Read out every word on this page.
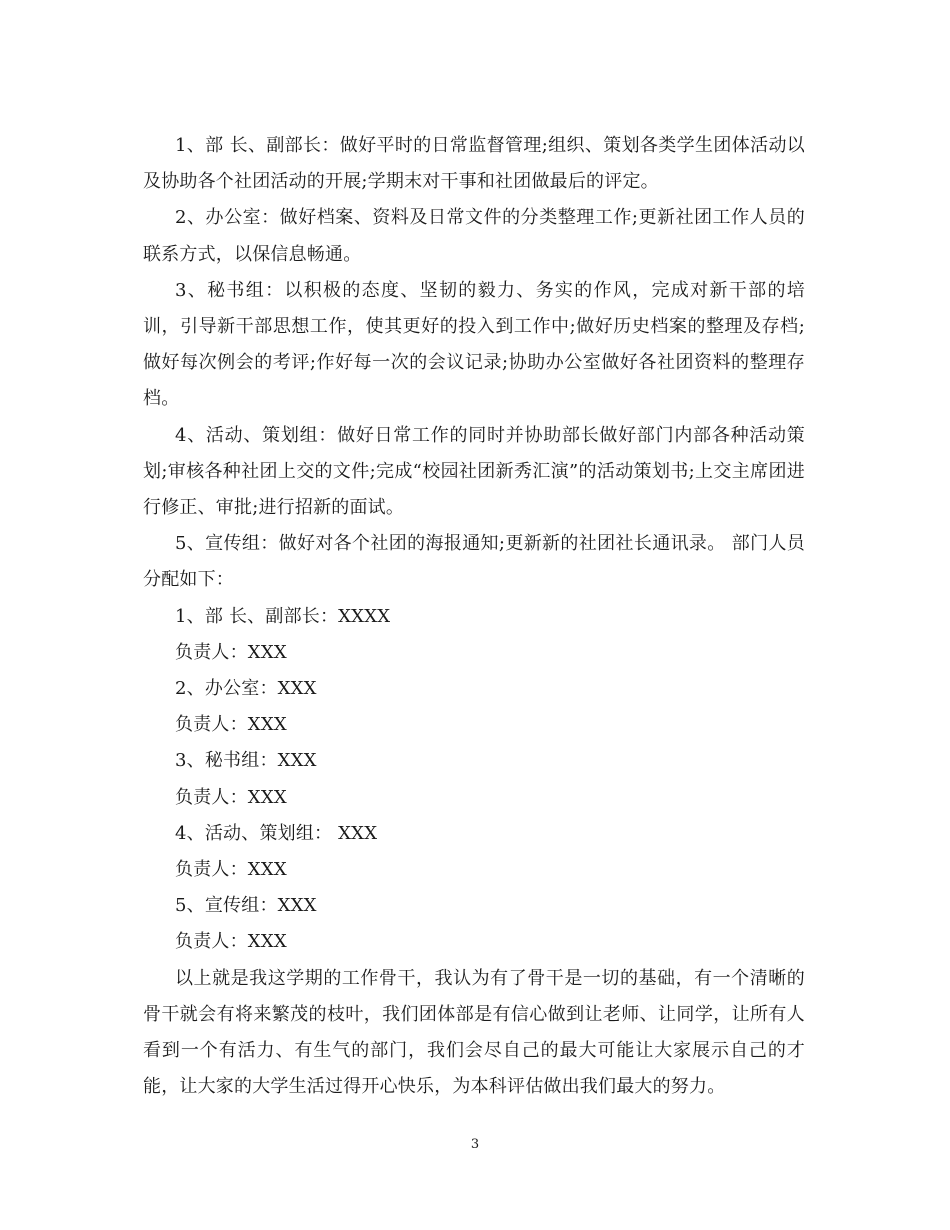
1、部 长、副部长：做好平时的日常监督管理;组织、策划各类学生团体活动以及协助各个社团活动的开展;学期末对干事和社团做最后的评定。

2、办公室：做好档案、资料及日常文件的分类整理工作;更新社团工作人员的联系方式，以保信息畅通。

3、秘书组：以积极的态度、坚韧的毅力、务实的作风，完成对新干部的培训，引导新干部思想工作，使其更好的投入到工作中;做好历史档案的整理及存档;做好每次例会的考评;作好每一次的会议记录;协助办公室做好各社团资料的整理存档。

4、活动、策划组：做好日常工作的同时并协助部长做好部门内部各种活动策划;审核各种社团上交的文件;完成“校园社团新秀汇演”的活动策划书;上交主席团进行修正、审批;进行招新的面试。

5、宣传组：做好对各个社团的海报通知;更新新的社团社长通讯录。 部门人员分配如下：

1、部 长、副部长：XXXX

负责人：XXX

2、办公室：XXX

负责人：XXX

3、秘书组：XXX

负责人：XXX

4、活动、策划组： XXX

负责人：XXX

5、宣传组：XXX

负责人：XXX

以上就是我这学期的工作骨干，我认为有了骨干是一切的基础，有一个清晰的骨干就会有将来繁茂的枝叶，我们团体部是有信心做到让老师、让同学，让所有人看到一个有活力、有生气的部门，我们会尽自己的最大可能让大家展示自己的才能，让大家的大学生活过得开心快乐，为本科评估做出我们最大的努力。

3
